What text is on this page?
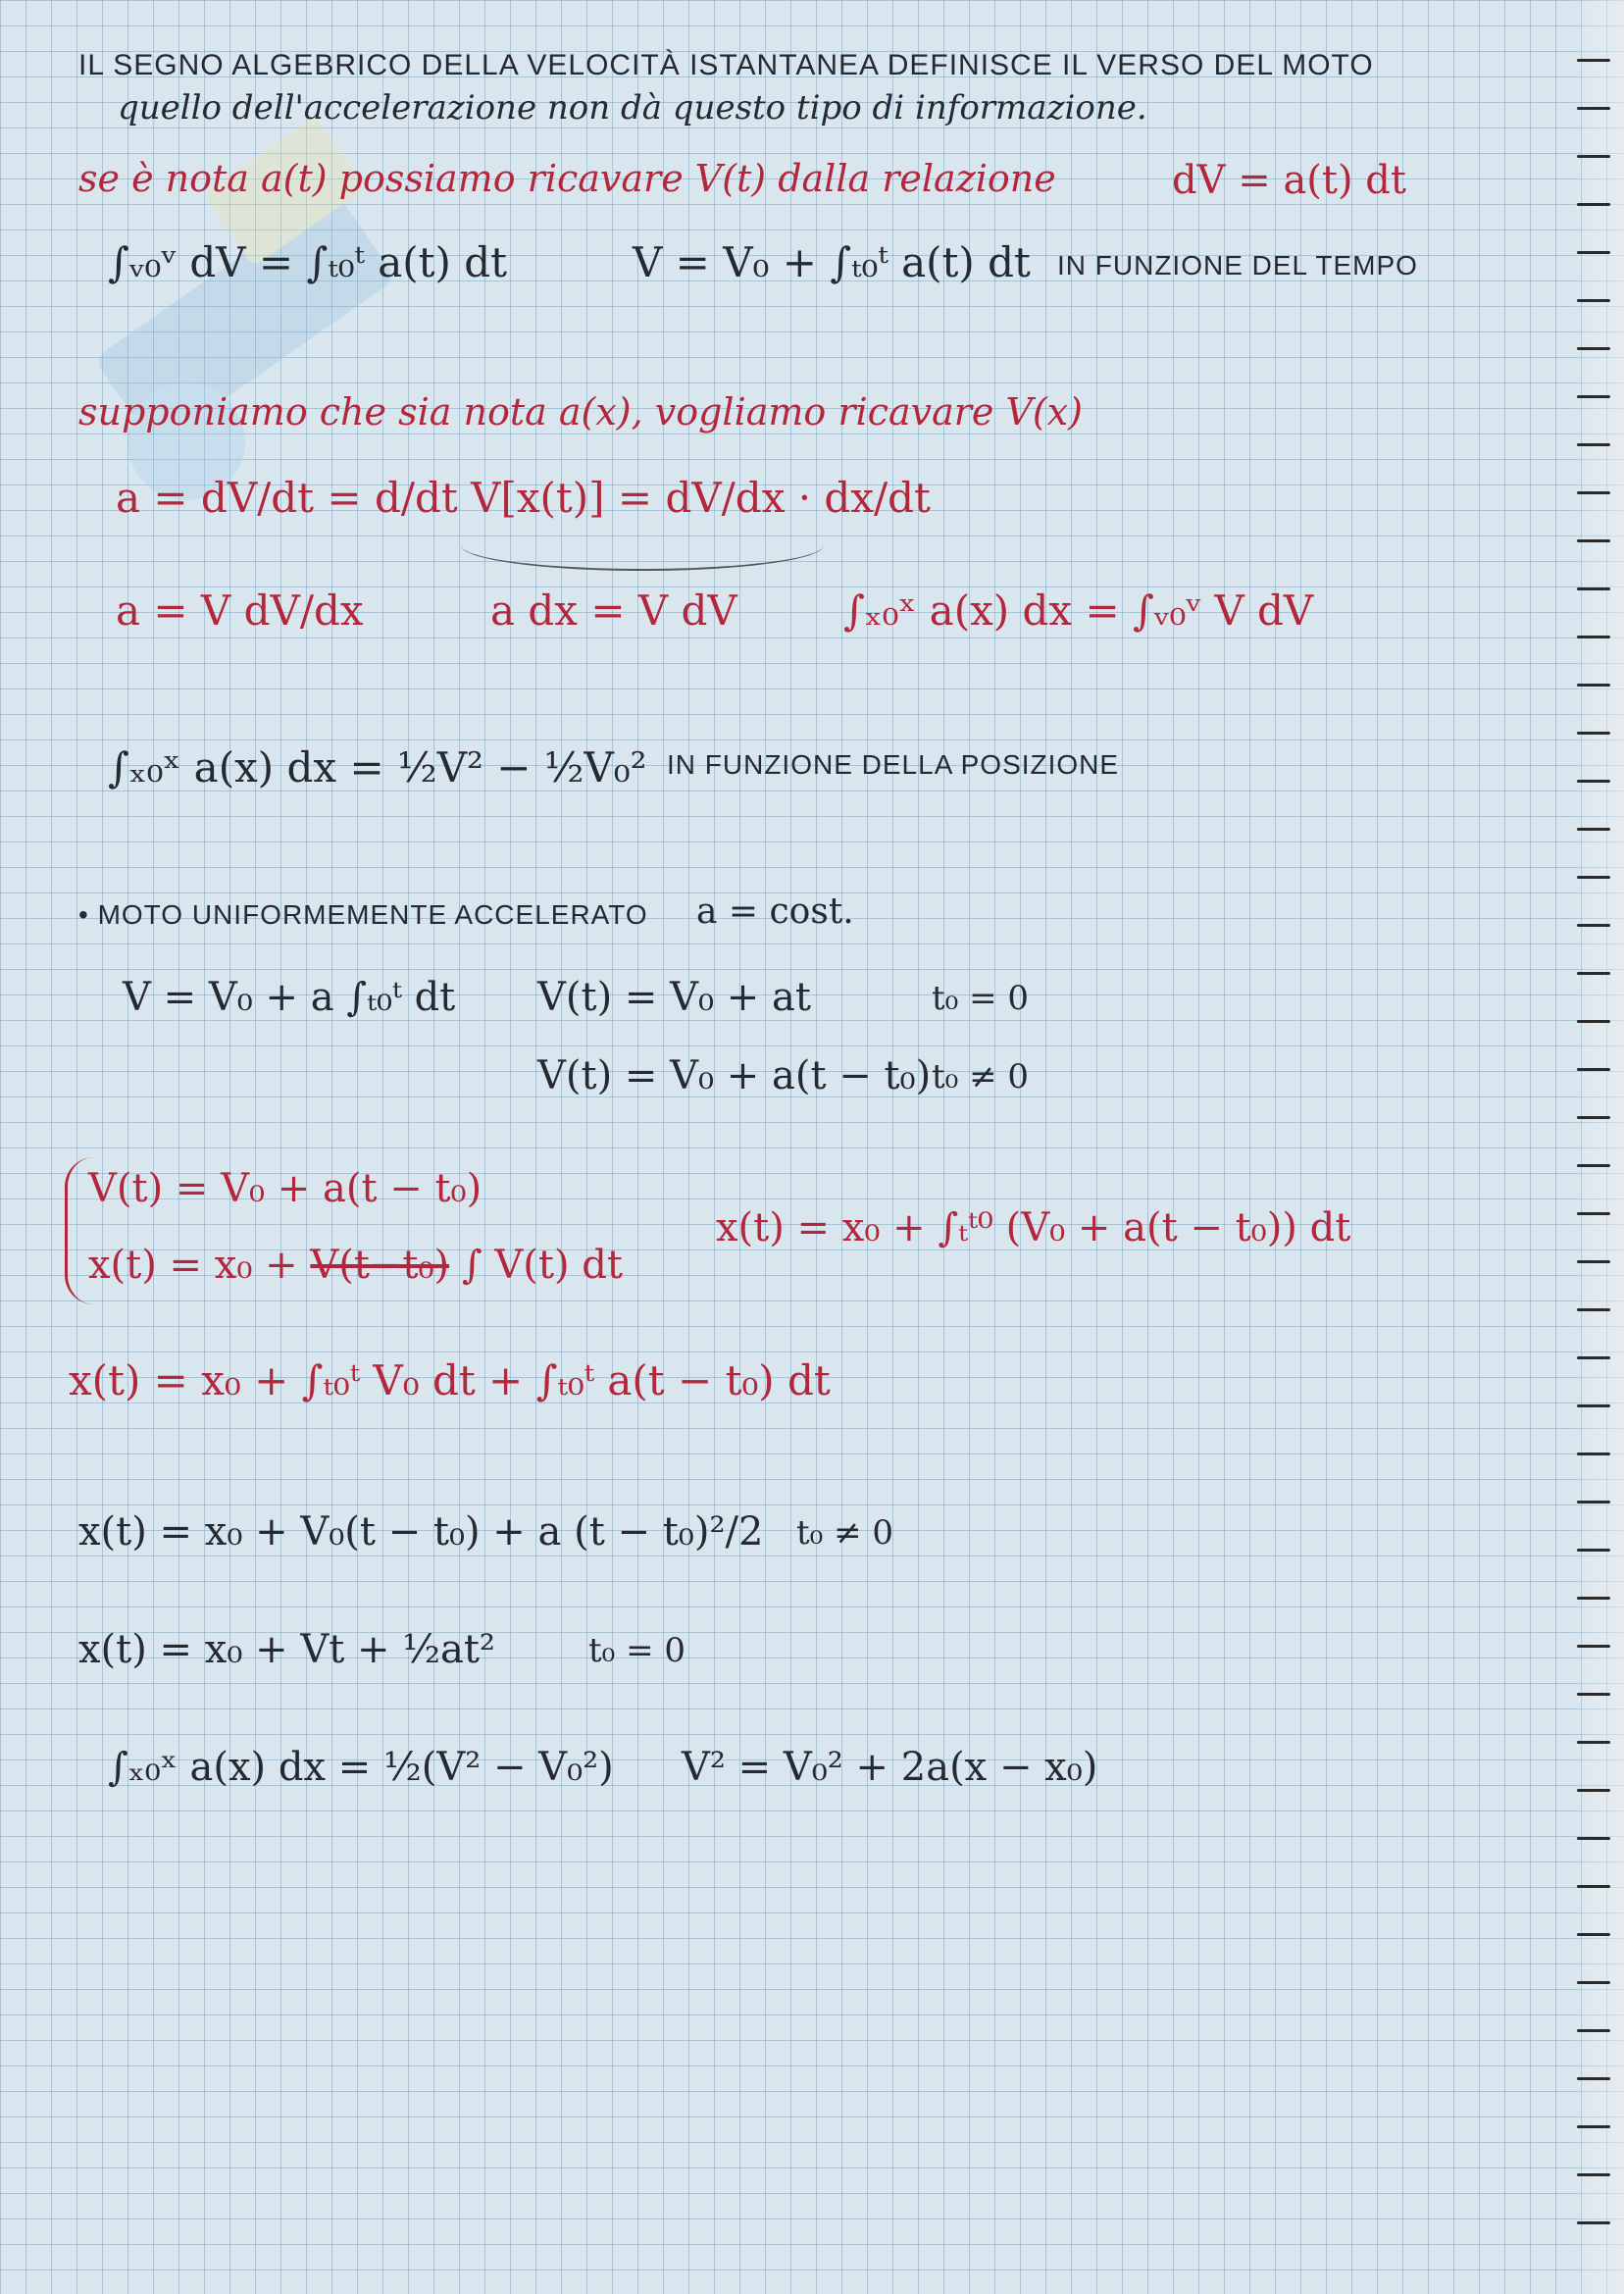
IL SEGNO ALGEBRICO DELLA VELOCITÀ ISTANTANEA DEFINISCE IL VERSO DEL MOTO
quello dell'accelerazione non dà questo tipo di informazione.
se è nota a(t) possiamo ricavare V(t) dalla relazione	dV = a(t) dt
∫ᵥ₀ᵛ dV = ∫ₜ₀ᵗ a(t) dt	V = V₀ + ∫ₜ₀ᵗ a(t) dt IN FUNZIONE DEL TEMPO
supponiamo che sia nota a(x), vogliamo ricavare V(x)
a = dV/dt = d/dt V[x(t)] = dV/dx · dx/dt
a = V dV/dx	a dx = V dV	∫ₓ₀ˣ a(x) dx = ∫ᵥ₀ᵛ V dV
∫ₓ₀ˣ a(x) dx = ½V² − ½V₀² IN FUNZIONE DELLA POSIZIONE
• MOTO UNIFORMEMENTE ACCELERATO a = cost.
V = V₀ + a ∫ₜ₀ᵗ dt V(t) = V₀ + at	t₀ = 0
V(t) = V₀ + a(t − t₀) t₀ ≠ 0
V(t) = V₀ + a(t − t₀)
x(t) = x₀ + V(t−t₀) ∫ V(t) dt
x(t) = x₀ + ∫ₜᵗ⁰ (V₀ + a(t − t₀)) dt
x(t) = x₀ + ∫ₜ₀ᵗ V₀ dt + ∫ₜ₀ᵗ a(t − t₀) dt
x(t) = x₀ + V₀(t − t₀) + a (t − t₀)²/2 t₀ ≠ 0
x(t) = x₀ + Vt + ½at²	t₀ = 0
∫ₓ₀ˣ a(x) dx = ½(V² − V₀²) V² = V₀² + 2a(x − x₀)
